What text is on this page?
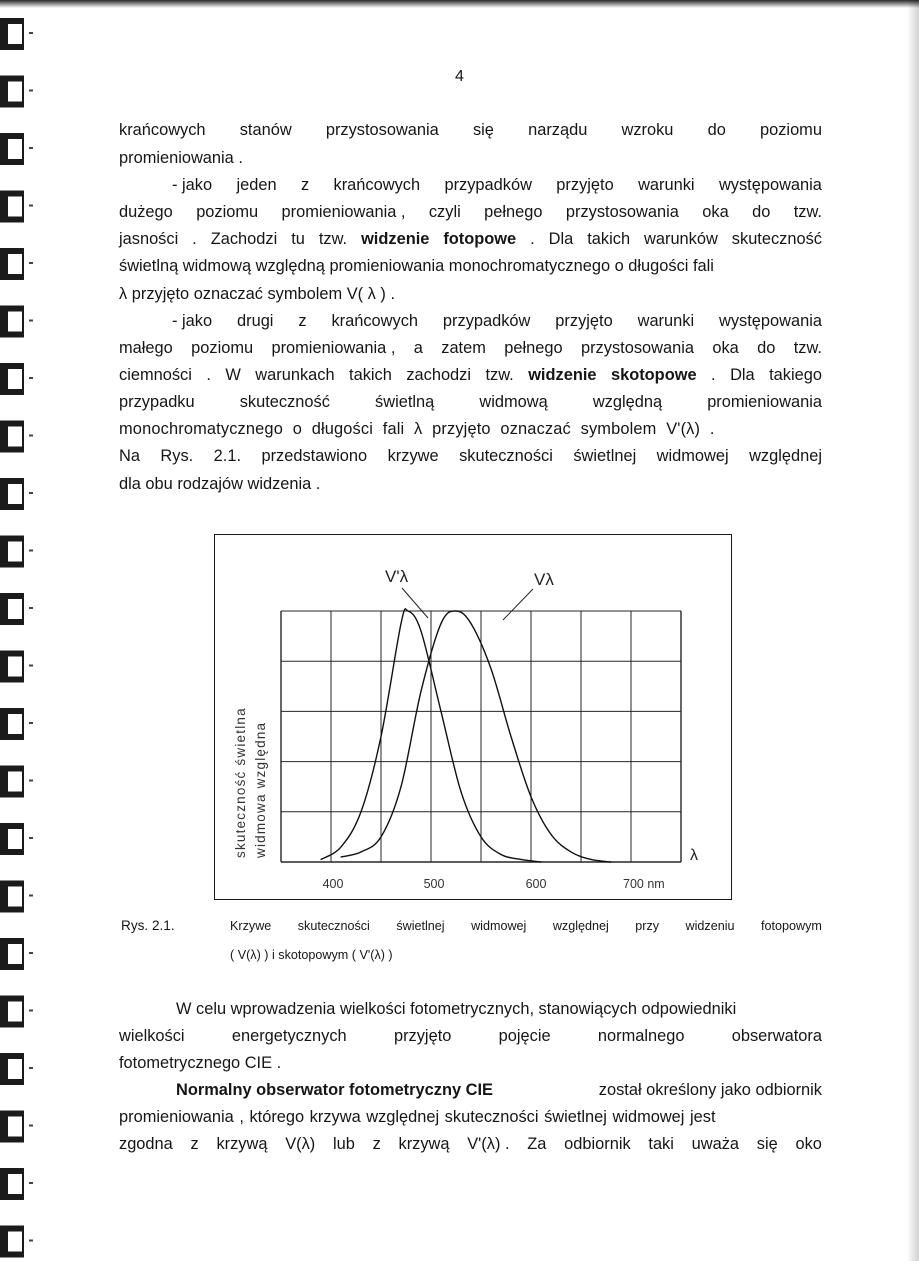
4
krańcowych stanów przystosowania się narządu wzroku do poziomu
promieniowania .
- jako jeden z krańcowych przypadków przyjęto warunki występowania
dużego poziomu promieniowania , czyli pełnego przystosowania oka do tzw.
jasności . Zachodzi tu tzw. widzenie fotopowe . Dla takich warunków skuteczność
świetlną widmową względną promieniowania monochromatycznego o długości fali
λ przyjęto oznaczać symbolem V( λ ) .
- jako drugi z krańcowych przypadków przyjęto warunki występowania
małego poziomu promieniowania , a zatem pełnego przystosowania oka do tzw.
ciemności . W warunkach takich zachodzi tzw. widzenie skotopowe . Dla takiego
przypadku	skuteczność	świetlną	widmową	względną	promieniowania
monochromatycznego o długości fali λ przyjęto oznaczać symbolem V'(λ) .
Na Rys. 2.1. przedstawiono krzywe skuteczności świetlnej widmowej względnej
dla obu rodzajów widzenia .
V'λ	Vλ
skuteczność świetlna widmowa względna	λ
400	500	600	700 nm
Rys. 2.1.	Krzywe skuteczności świetlnej widmowej względnej przy widzeniu fotopowym
( V(λ) ) i skotopowym ( V'(λ) )
W celu wprowadzenia wielkości fotometrycznych, stanowiących odpowiedniki
wielkości	energetycznych	przyjęto	pojęcie	normalnego	obserwatora
fotometrycznego CIE .
Normalny obserwator fotometryczny CIE	został określony jako odbiornik
promieniowania , którego krzywa względnej skuteczności świetlnej widmowej jest
zgodna z krzywą V(λ) lub z krzywą V'(λ) . Za odbiornik taki uważa się oko
